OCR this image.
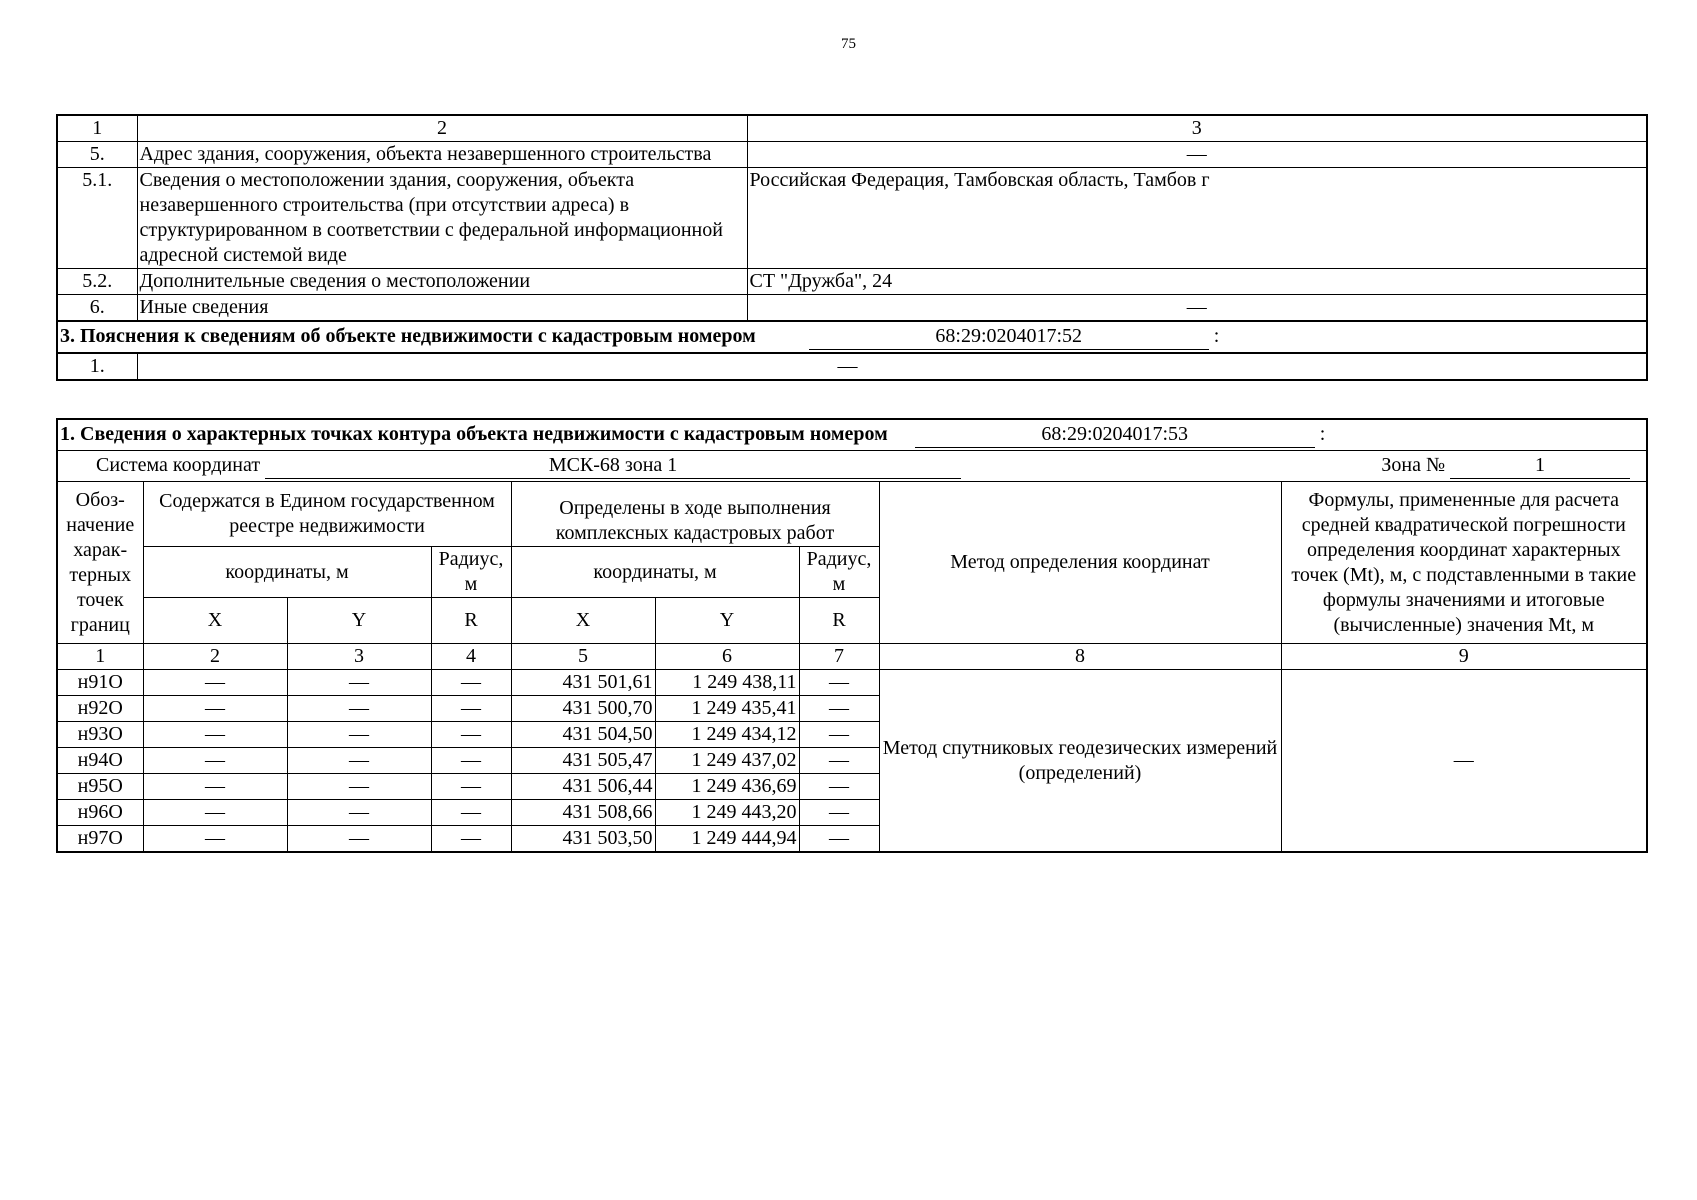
75
1	2	3
5.	Адрес здания, сооружения, объекта незавершенного строительства	—
5.1.	Сведения о местоположении здания, сооружения, объекта незавершенного строительства (при отсутствии адреса) в структурированном в соответствии с федеральной информационной адресной системой виде	Российская Федерация, Тамбовская область, Тамбов г
5.2.	Дополнительные сведения о местоположении	СТ "Дружба", 24
6.	Иные сведения	—
3. Пояснения к сведениям об объекте недвижимости с кадастровым номером 68:29:0204017:52 :		
1.	—	
1. Сведения о характерных точках контура объекта недвижимости с кадастровым номером 68:29:0204017:53 :								
Система координат МСК-68 зона 1 Зона № 1								

Обоз-начение харак-терных точек границ	Содержатся в Едином государственном реестре недвижимости			Определены в ходе выполнения комплексных кадастровых работ			Метод определения координат	Формулы, примененные для расчета средней квадратической погрешности определения координат характерных точек (Mt), м, с подставленными в такие формулы значениями и итоговые (вычисленные) значения Mt, м
	координаты, м		Радиус, м	координаты, м		Радиус, м		
	X	Y	R	X	Y	R		
1	2	3	4	5	6	7	8	9
н91О	—	—	—	431 501,61	1 249 438,11	—	Метод спутниковых геодезических измерений (определений)	—
н92О	—	—	—	431 500,70	1 249 435,41	—		
н93О	—	—	—	431 504,50	1 249 434,12	—		
н94О	—	—	—	431 505,47	1 249 437,02	—		
н95О	—	—	—	431 506,44	1 249 436,69	—		
н96О	—	—	—	431 508,66	1 249 443,20	—		
н97О	—	—	—	431 503,50	1 249 444,94	—		
